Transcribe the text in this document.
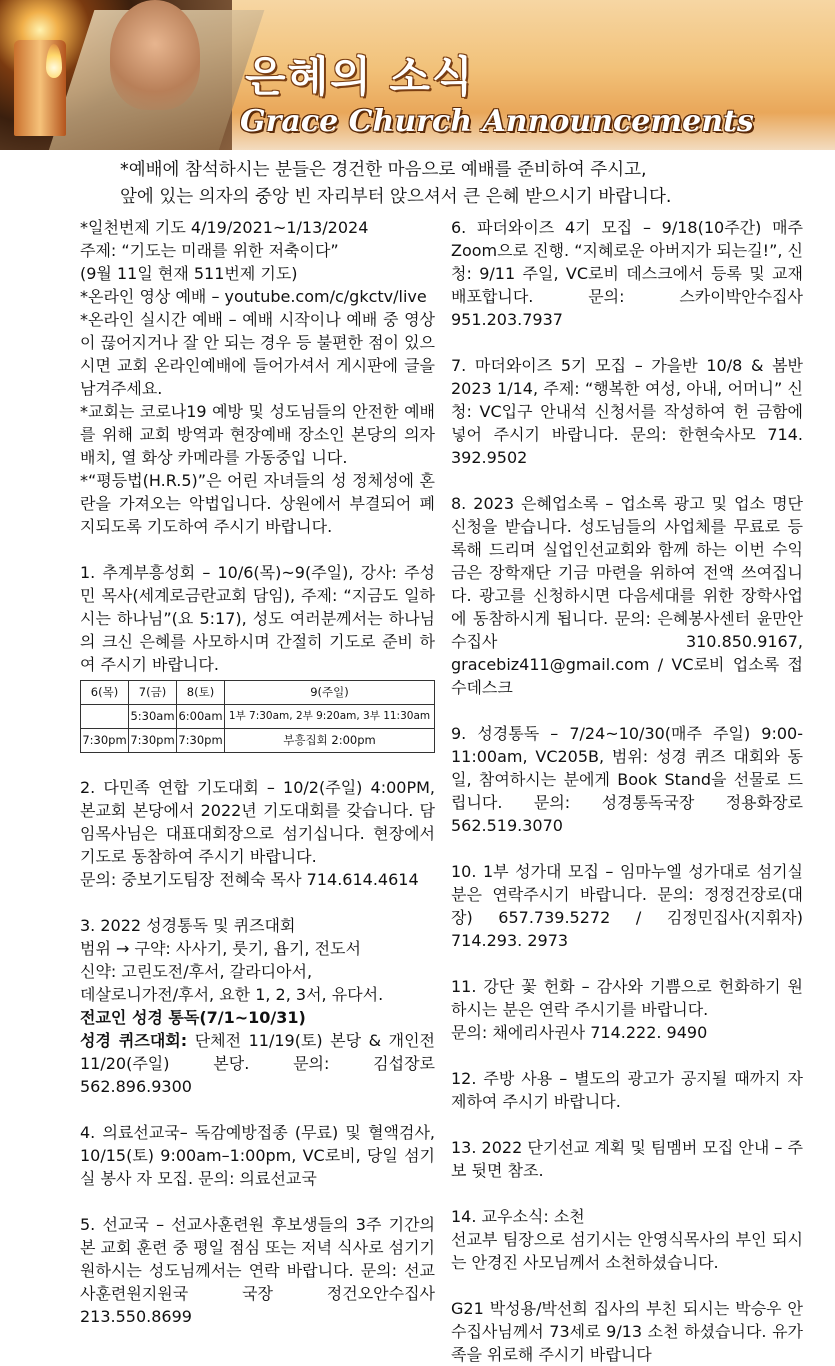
은혜의 소식
Grace Church Announcements
*예배에 참석하시는 분들은 경건한 마음으로 예배를 준비하여 주시고,
앞에 있는 의자의 중앙 빈 자리부터 앉으셔서 큰 은혜 받으시기 바랍니다.

*일천번제 기도 4/19/2021~1/13/2024

주제: “기도는 미래를 위한 저축이다”

(9월 11일 현재 511번제 기도)

*온라인 영상 예배 – youtube.com/c/gkctv/live

*온라인 실시간 예배 – 예배 시작이나 예배 중 영상이 끊어지거나 잘 안 되는 경우 등 불편한 점이 있으시면 교회 온라인예배에 들어가셔서 게시판에 글을 남겨주세요.

*교회는 코로나19 예방 및 성도님들의 안전한 예배를 위해 교회 방역과 현장예배 장소인 본당의 의자 배치, 열 화상 카메라를 가동중입 니다.

*“평등법(H.R.5)”은 어린 자녀들의 성 정체성에 혼란을 가져오는 악법입니다. 상원에서 부결되어 폐지되도록 기도하여 주시기 바랍니다.

1. 추계부흥성회 – 10/6(목)~9(주일), 강사: 주성민 목사(세계로금란교회 담임), 주제: “지금도 일하시는 하나님”(요 5:17), 성도 여러분께서는 하나님의 크신 은혜를 사모하시며 간절히 기도로 준비 하여 주시기 바랍니다.

6(목)	7(금)	8(토)	9(주일)
	5:30am	6:00am	1부 7:30am, 2부 9:20am, 3부 11:30am
7:30pm	7:30pm	7:30pm	부흥집회 2:00pm

2. 다민족 연합 기도대회 – 10/2(주일) 4:00PM, 본교회 본당에서 2022년 기도대회를 갖습니다. 담임목사님은 대표대회장으로 섬기십니다. 현장에서 기도로 동참하여 주시기 바랍니다.

문의: 중보기도팀장 전혜숙 목사 714.614.4614

3. 2022 성경통독 및 퀴즈대회

범위 → 구약: 사사기, 룻기, 욥기, 전도서

신약: 고린도전/후서, 갈라디아서,

데살로니가전/후서, 요한 1, 2, 3서, 유다서.

전교인 성경 통독(7/1~10/31)

성경 퀴즈대회: 단체전 11/19(토) 본당 & 개인전 11/20(주일) 본당. 문의: 김섭장로 562.896.9300

4. 의료선교국– 독감예방접종 (무료) 및 혈액검사, 10/15(토) 9:00am–1:00pm, VC로비, 당일 섬기실 봉사 자 모집. 문의: 의료선교국

5. 선교국 – 선교사훈련원 후보생들의 3주 기간의 본 교회 훈련 중 평일 점심 또는 저녁 식사로 섬기기 원하시는 성도님께서는 연락 바랍니다. 문의: 선교사훈련원지원국 국장 정건오안수집사 213.550.8699

6. 파더와이즈 4기 모집 – 9/18(10주간) 매주 Zoom으로 진행. “지혜로운 아버지가 되는길!”, 신청: 9/11 주일, VC로비 데스크에서 등록 및 교재 배포합니다. 문의: 스카이박안수집사 951.203.7937

7. 마더와이즈 5기 모집 – 가을반 10/8 & 봄반 2023 1/14, 주제: “행복한 여성, 아내, 어머니” 신청: VC입구 안내석 신청서를 작성하여 헌 금함에 넣어 주시기 바랍니다. 문의: 한현숙사모 714. 392.9502

8. 2023 은혜업소록 – 업소록 광고 및 업소 명단 신청을 받습니다. 성도님들의 사업체를 무료로 등록해 드리며 실업인선교회와 함께 하는 이번 수익금은 장학재단 기금 마련을 위하여 전액 쓰여집니다. 광고를 신청하시면 다음세대를 위한 장학사업에 동참하시게 됩니다. 문의: 은혜봉사센터 윤만안수집사 310.850.9167, gracebiz411@gmail.com / VC로비 업소록 접수데스크

9. 성경통독 – 7/24~10/30(매주 주일) 9:00-11:00am, VC205B, 범위: 성경 퀴즈 대회와 동일, 참여하시는 분에게 Book Stand을 선물로 드립니다. 문의: 성경통독국장 정용화장로 562.519.3070

10. 1부 성가대 모집 – 임마누엘 성가대로 섬기실 분은 연락주시기 바랍니다. 문의: 정정건장로(대장) 657.739.5272 / 김정민집사(지휘자) 714.293. 2973

11. 강단 꽃 헌화 – 감사와 기쁨으로 헌화하기 원하시는 분은 연락 주시기를 바랍니다.

문의: 채에리사권사 714.222. 9490

12. 주방 사용 – 별도의 광고가 공지될 때까지 자제하여 주시기 바랍니다.

13. 2022 단기선교 계획 및 팀멤버 모집 안내 – 주보 뒷면 참조.

14. 교우소식: 소천

선교부 팀장으로 섬기시는 안영식목사의 부인 되시는 안경진 사모님께서 소천하셨습니다.

G21 박성용/박선희 집사의 부친 되시는 박승우 안수집사님께서 73세로 9/13 소천 하셨습니다. 유가족을 위로해 주시기 바랍니다
